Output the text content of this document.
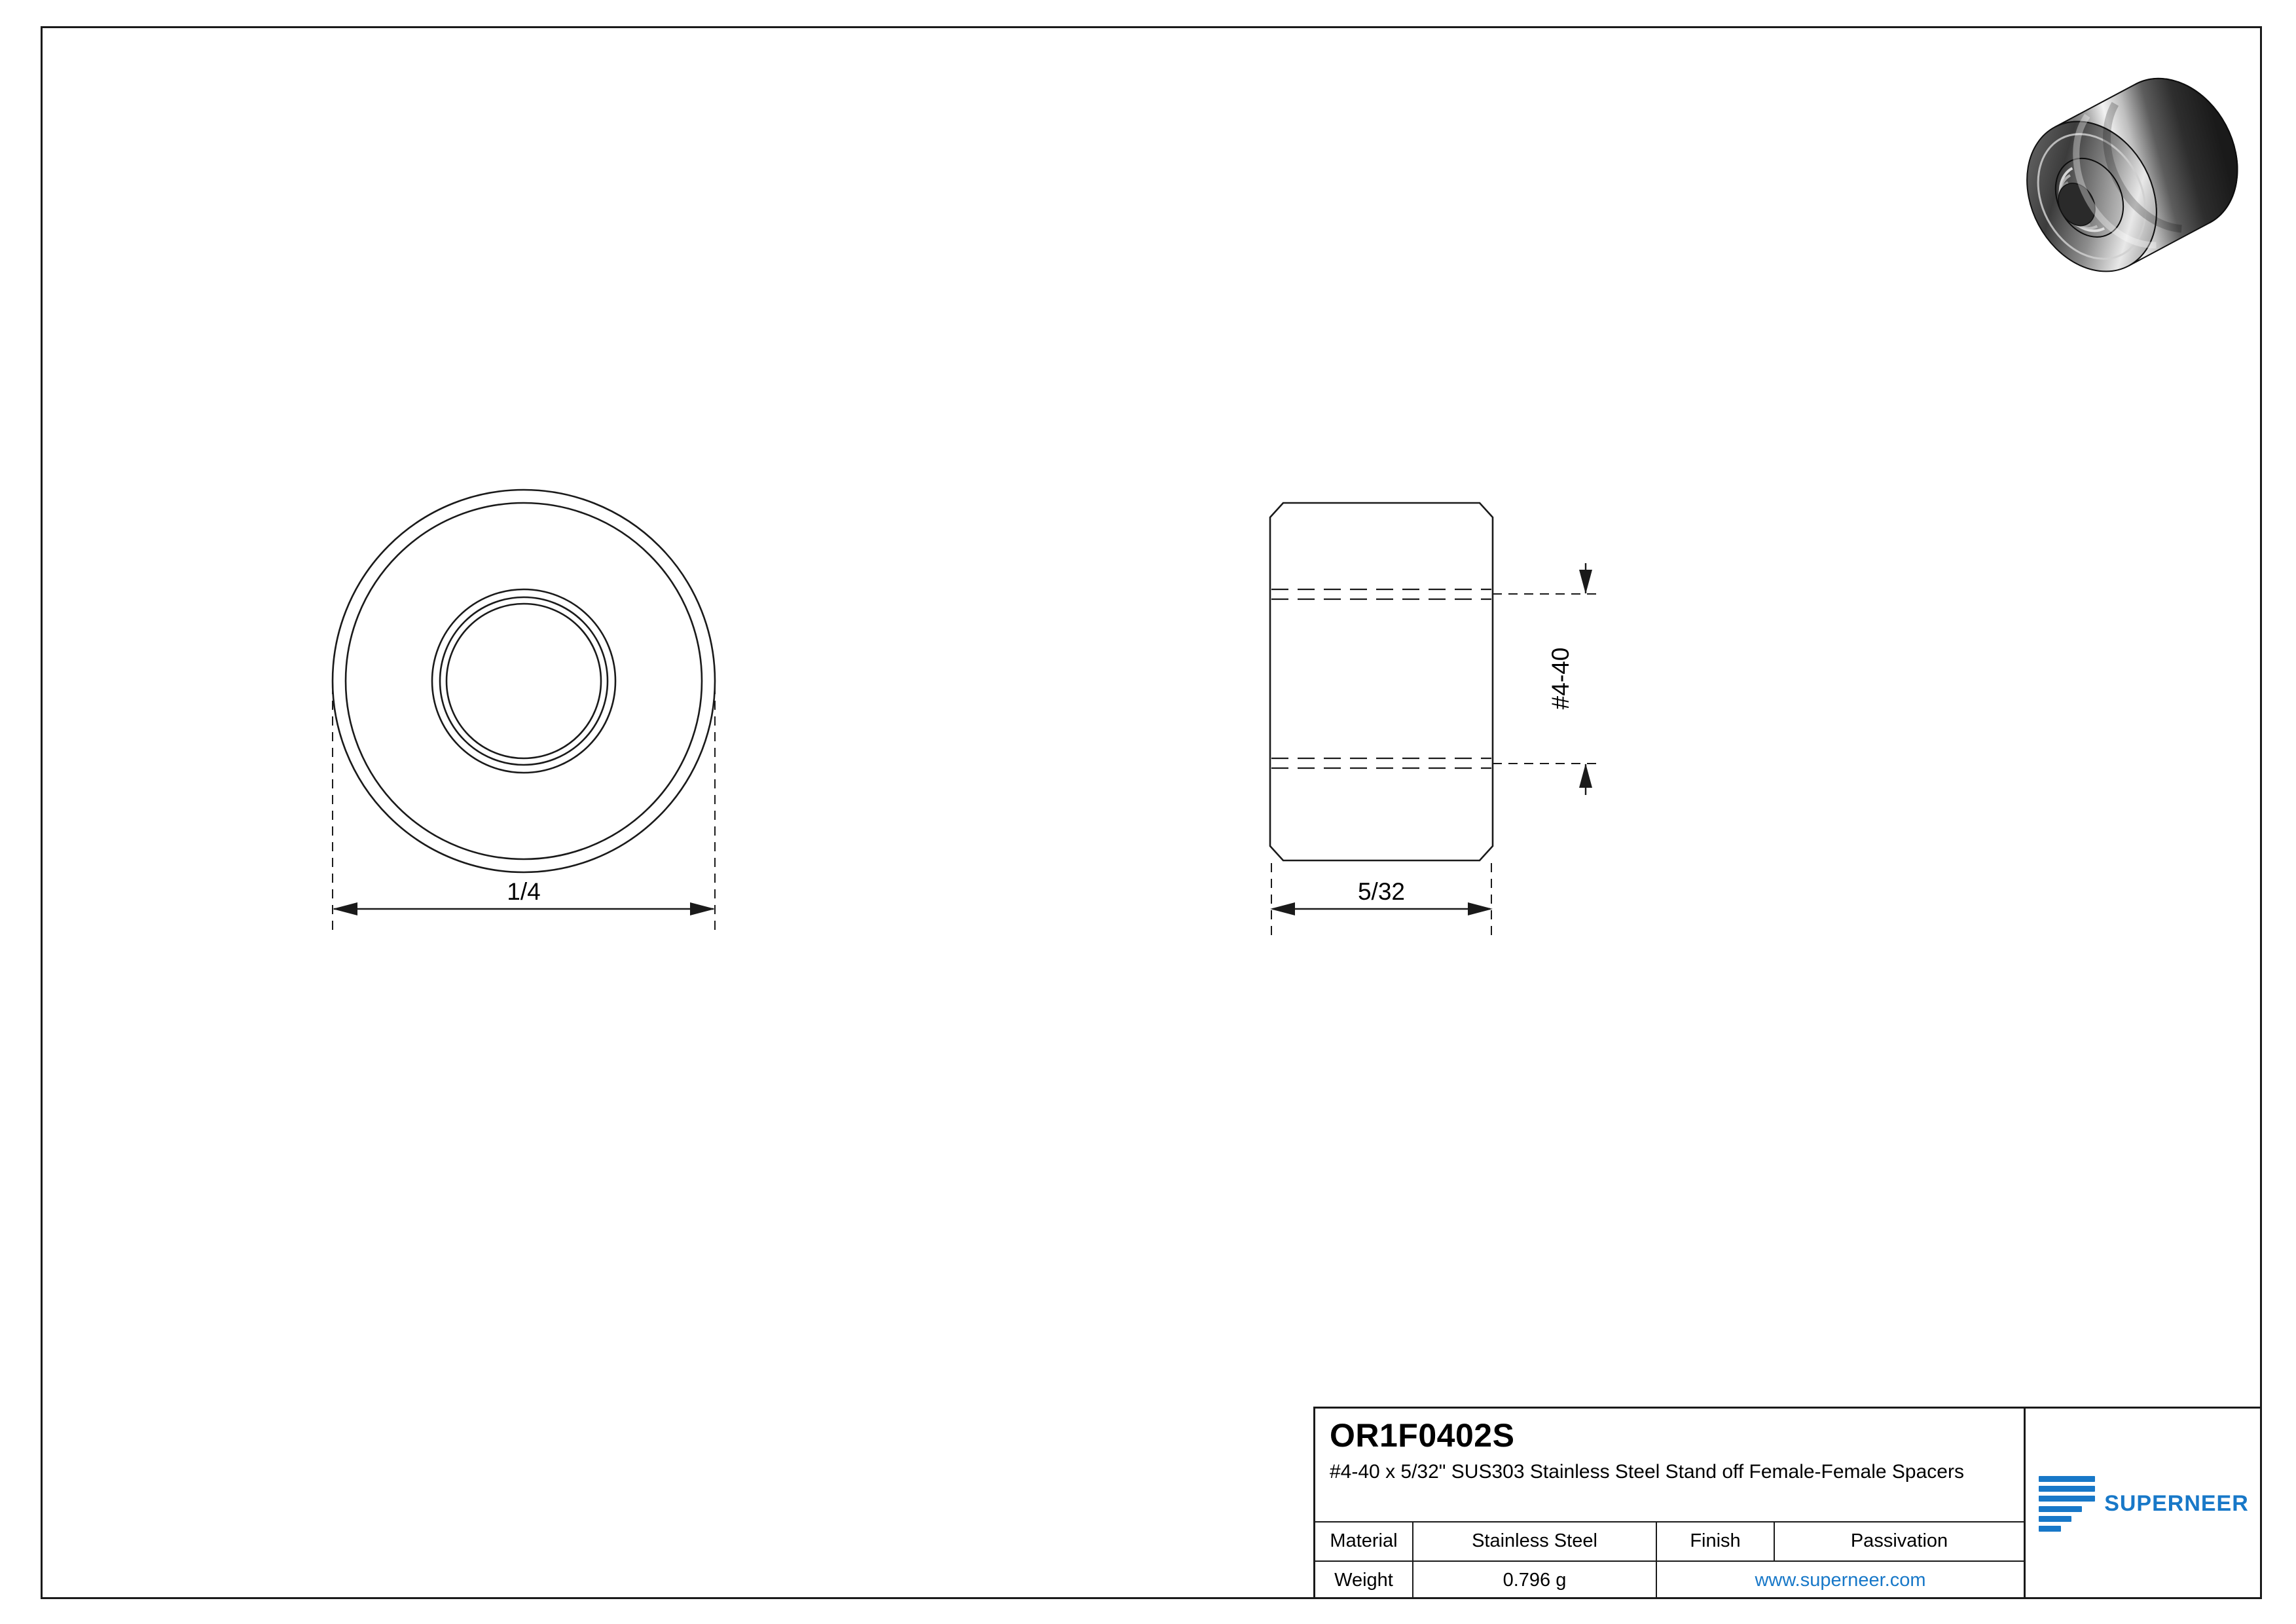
1/4
#4-40
5/32
OR1F0402S
#4-40 x 5/32" SUS303 Stainless Steel Stand off Female-Female Spacers
Material	Stainless Steel	Finish	Passivation
Weight	0.796 g	www.superneer.com
SUPERNEER
